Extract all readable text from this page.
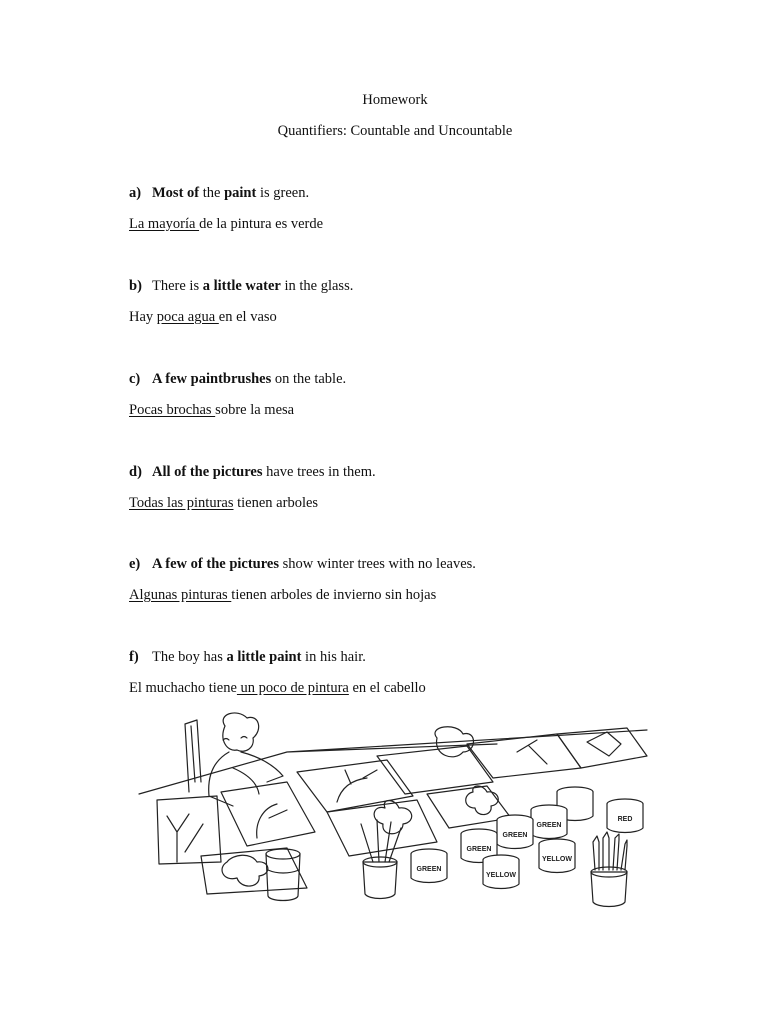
Homework
Quantifiers: Countable and Uncountable
a) Most of the paint is green.
La mayoría de la pintura es verde
b) There is a little water in the glass.
Hay poca agua en el vaso
c) A few paintbrushes on the table.
Pocas brochas sobre la mesa
d) All of the pictures have trees in them.
Todas las pinturas tienen arboles
e) A few of the pictures show winter trees with no leaves.
Algunas pinturas tienen arboles de invierno sin hojas
f) The boy has a little paint in his hair.
El muchacho tiene un poco de pintura en el cabello
GREEN
GREEN
GREEN
GREEN
YELLOW
YELLOW
RED
